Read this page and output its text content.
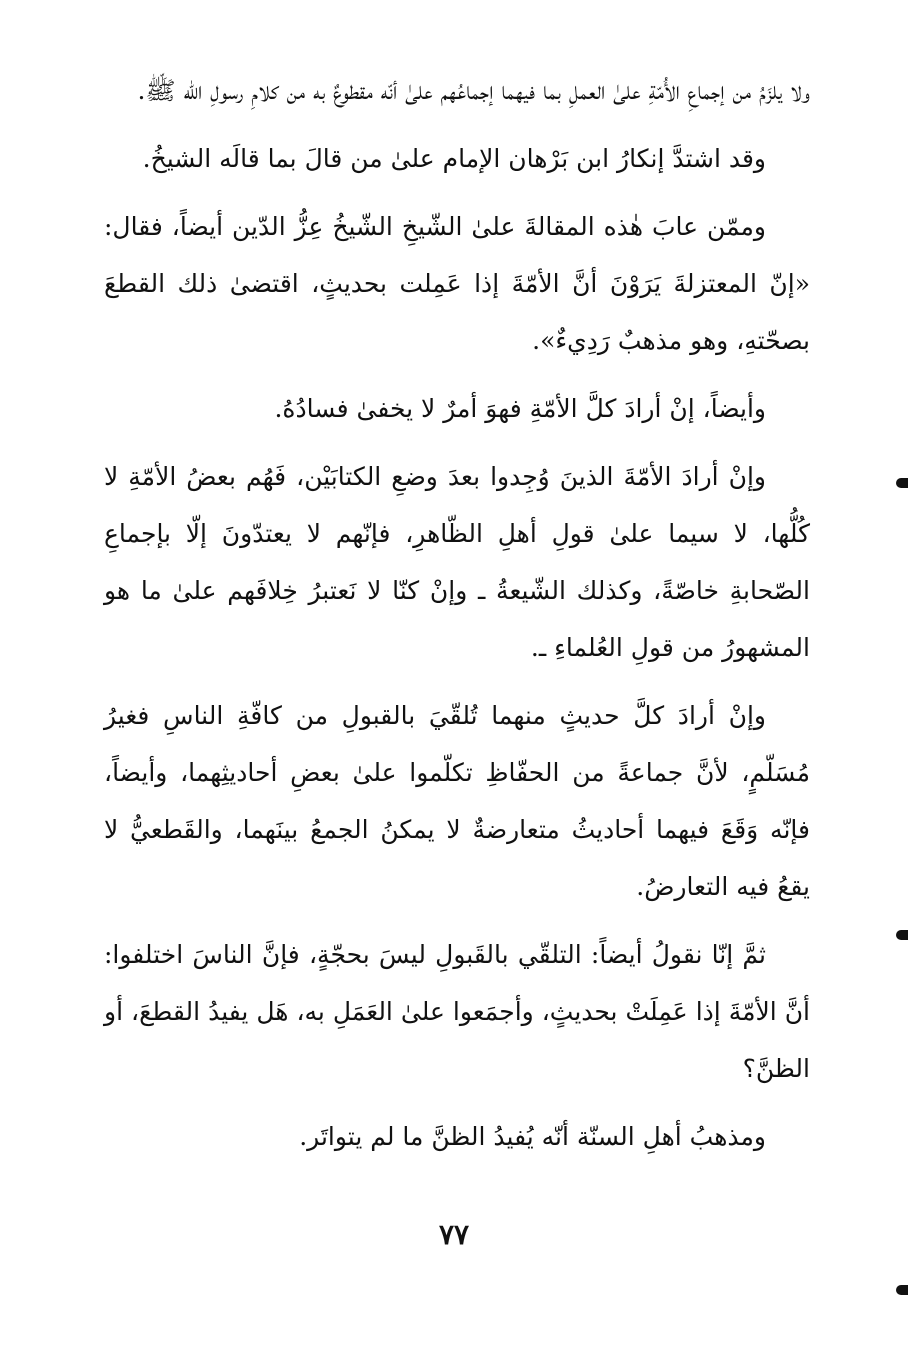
ولا يلزَمُ من إجماعِ الأُمّةِ علىٰ العملِ بما فيهما إجماعُهم علىٰ أنّه مقطوعٌ به من كلامِ رسولِ الله ﷺ.

وقد اشتدَّ إنكارُ ابن بَرْهان الإمام علىٰ من قالَ بما قالَه الشيخُ.

وممّن عابَ هٰذه المقالةَ علىٰ الشّيخِ الشّيخُ عِزُّ الدّين أيضاً، فقال: «إنّ المعتزلةَ يَرَوْنَ أنَّ الأمّةَ إذا عَمِلت بحديثٍ، اقتضىٰ ذلك القطعَ بصحّتهِ، وهو مذهبٌ رَدِيءٌ».

وأيضاً، إنْ أرادَ كلَّ الأمّةِ فهوَ أمرٌ لا يخفىٰ فسادُهُ.

وإنْ أرادَ الأمّةَ الذينَ وُجِدوا بعدَ وضعِ الكتابَيْن، فَهُم بعضُ الأمّةِ لا كُلُّها، لا سيما علىٰ قولِ أهلِ الظّاهرِ، فإنّهم لا يعتدّونَ إلّا بإجماعِ الصّحابةِ خاصّةً، وكذلك الشّيعةُ ـ وإنْ كنّا لا نَعتبرُ خِلافَهم علىٰ ما هو المشهورُ من قولِ العُلماءِ ـ.

وإنْ أرادَ كلَّ حديثٍ منهما تُلقّيَ بالقبولِ من كافّةِ الناسِ فغيرُ مُسَلّمٍ، لأنَّ جماعةً من الحفّاظِ تكلّموا علىٰ بعضِ أحاديثِهما، وأيضاً، فإنّه وَقَعَ فيهما أحاديثُ متعارضةٌ لا يمكنُ الجمعُ بينَهما، والقَطعيُّ لا يقعُ فيه التعارضُ.

ثمَّ إنّا نقولُ أيضاً: التلقّي بالقَبولِ ليسَ بحجّةٍ، فإنَّ الناسَ اختلفوا: أنَّ الأمّةَ إذا عَمِلَتْ بحديثٍ، وأجمَعوا علىٰ العَمَلِ به، هَل يفيدُ القطعَ، أو الظنَّ؟

ومذهبُ أهلِ السنّة أنّه يُفيدُ الظنَّ ما لم يتواتَر.

٧٧
